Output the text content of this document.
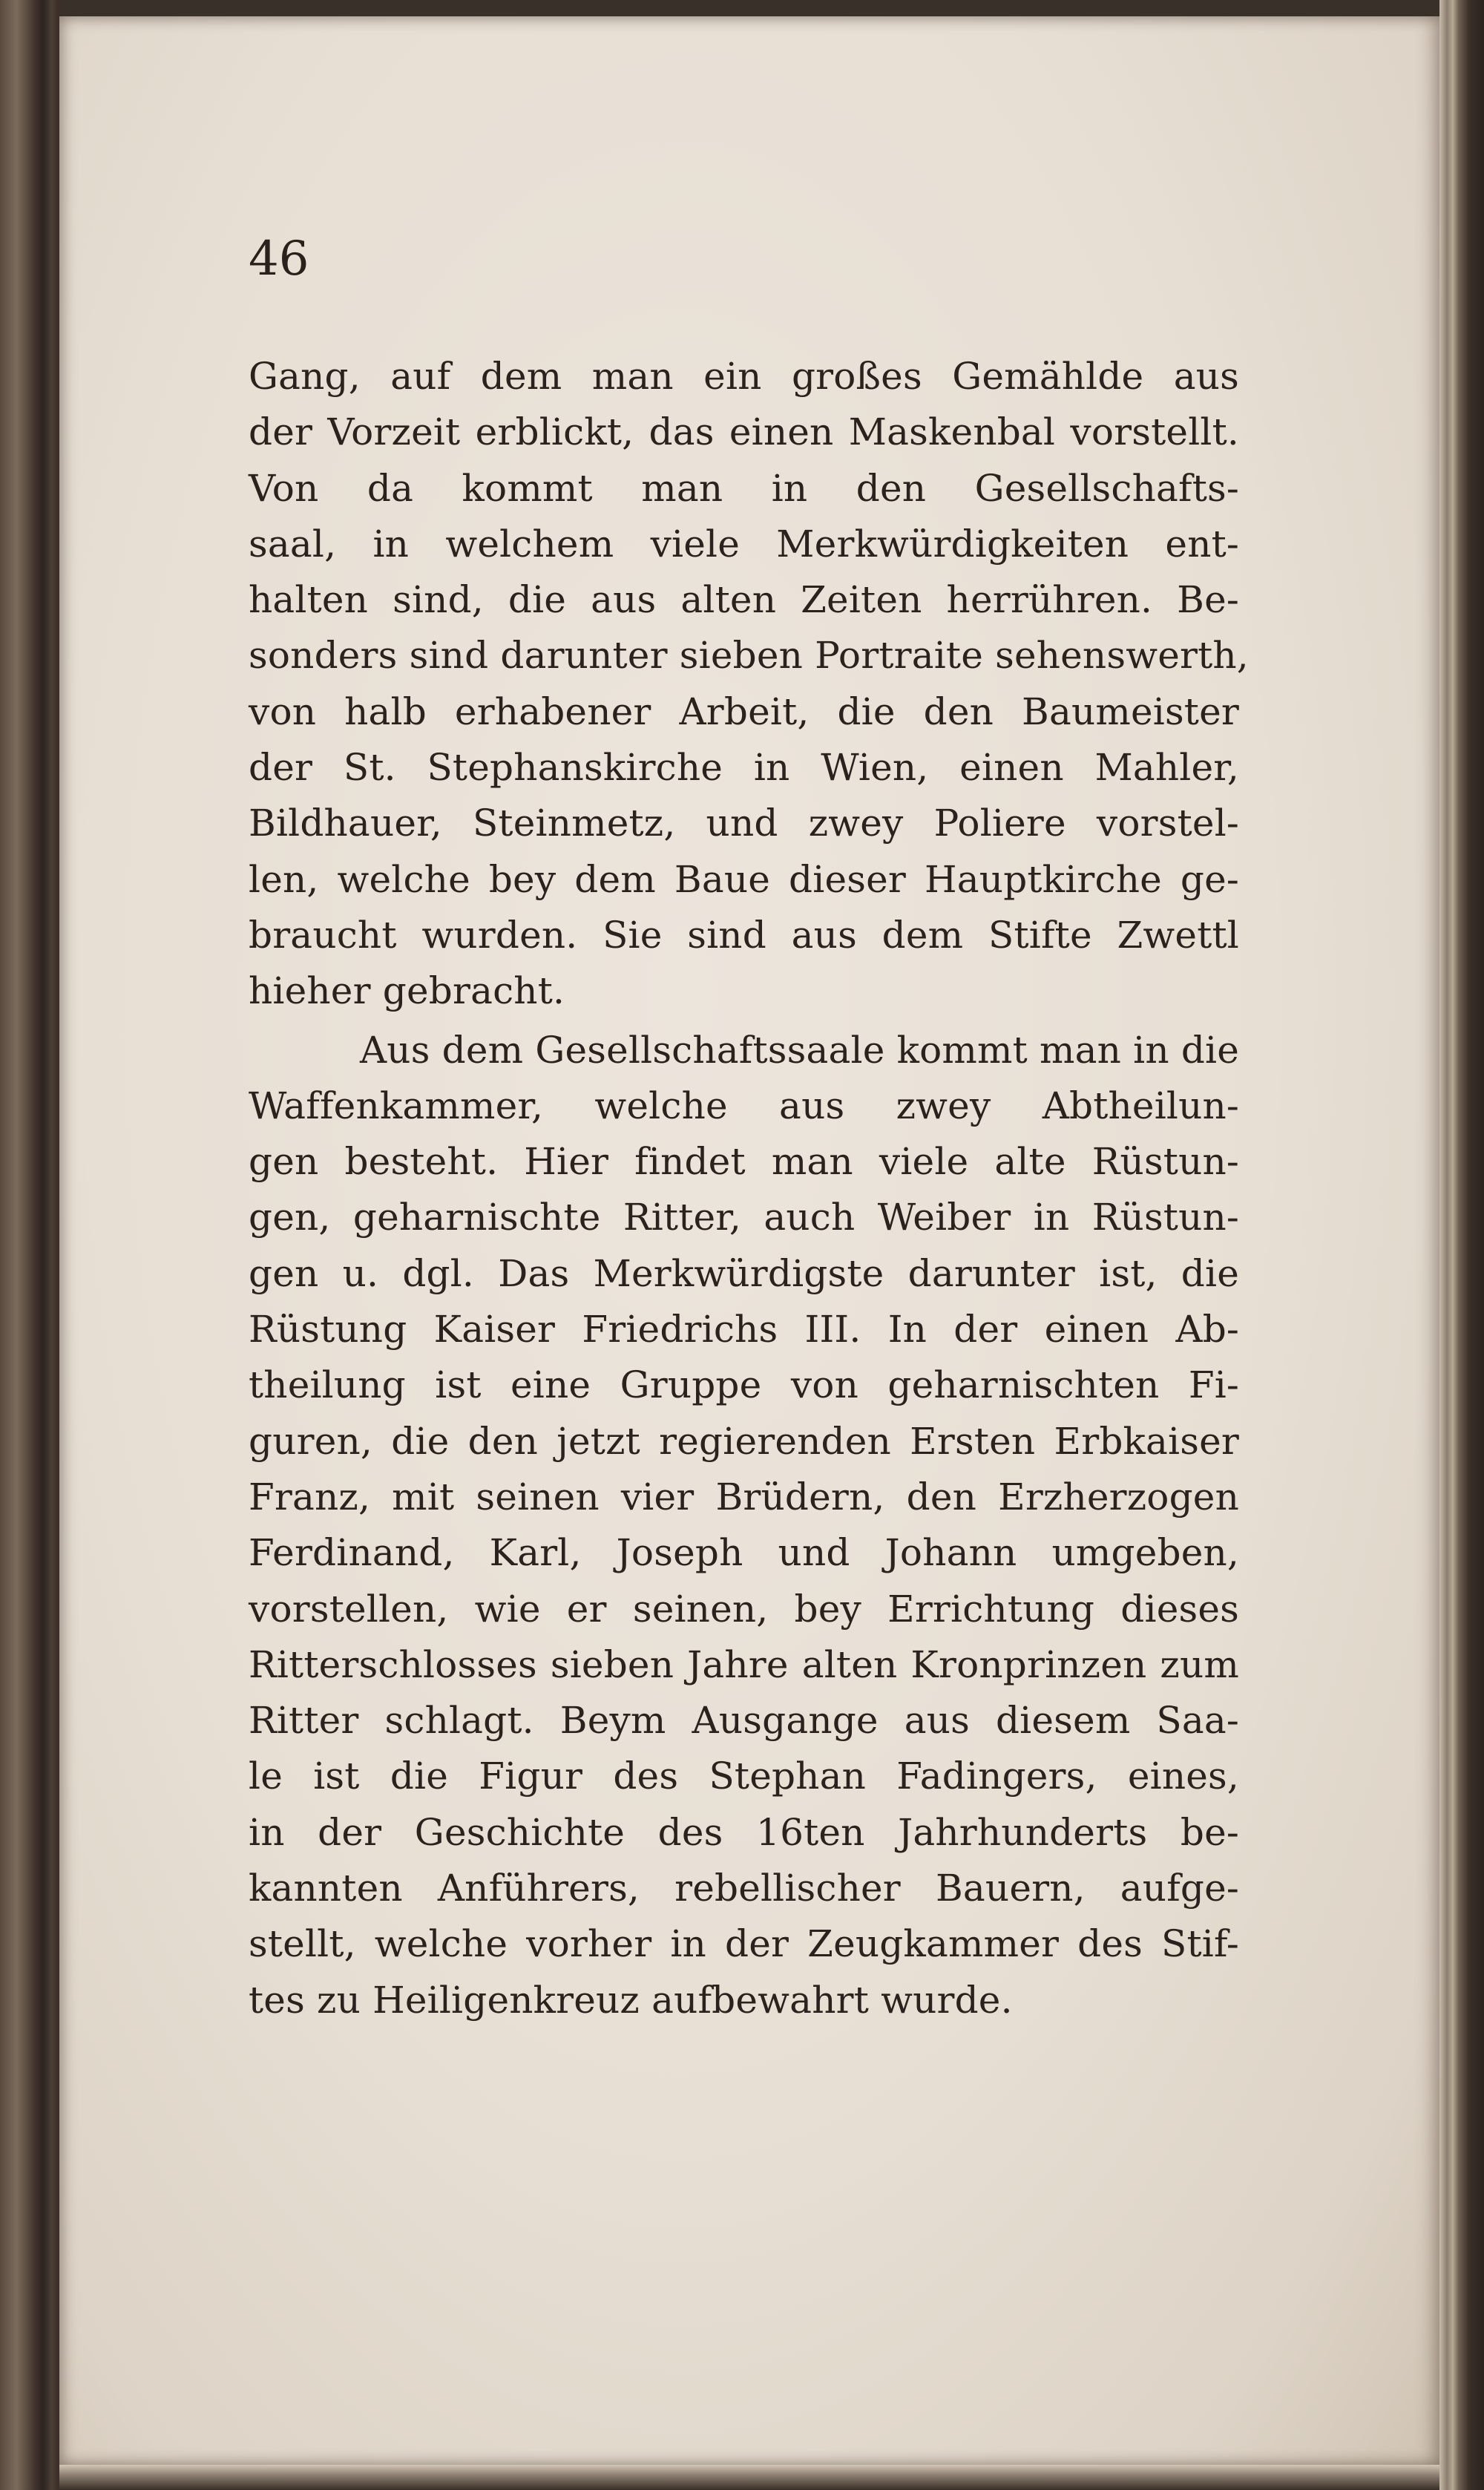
46
Gang, auf dem man ein großes Gemählde aus
der Vorzeit erblickt, das einen Maskenbal vorstellt.
Von da kommt man in den Gesellschafts-
saal, in welchem viele Merkwürdigkeiten ent-
halten sind, die aus alten Zeiten herrühren. Be-
sonders sind darunter sieben Portraite sehenswerth,
von halb erhabener Arbeit, die den Baumeister
der St. Stephanskirche in Wien, einen Mahler,
Bildhauer, Steinmetz, und zwey Poliere vorstel-
len, welche bey dem Baue dieser Hauptkirche ge-
braucht wurden. Sie sind aus dem Stifte Zwettl
hieher gebracht.
Aus dem Gesellschaftssaale kommt man in die
Waffenkammer, welche aus zwey Abtheilun-
gen besteht. Hier findet man viele alte Rüstun-
gen, geharnischte Ritter, auch Weiber in Rüstun-
gen u. dgl. Das Merkwürdigste darunter ist, die
Rüstung Kaiser Friedrichs III. In der einen Ab-
theilung ist eine Gruppe von geharnischten Fi-
guren, die den jetzt regierenden Ersten Erbkaiser
Franz, mit seinen vier Brüdern, den Erzherzogen
Ferdinand, Karl, Joseph und Johann umgeben,
vorstellen, wie er seinen, bey Errichtung dieses
Ritterschlosses sieben Jahre alten Kronprinzen zum
Ritter schlagt. Beym Ausgange aus diesem Saa-
le ist die Figur des Stephan Fadingers, eines,
in der Geschichte des 16ten Jahrhunderts be-
kannten Anführers, rebellischer Bauern, aufge-
stellt, welche vorher in der Zeugkammer des Stif-
tes zu Heiligenkreuz aufbewahrt wurde.
